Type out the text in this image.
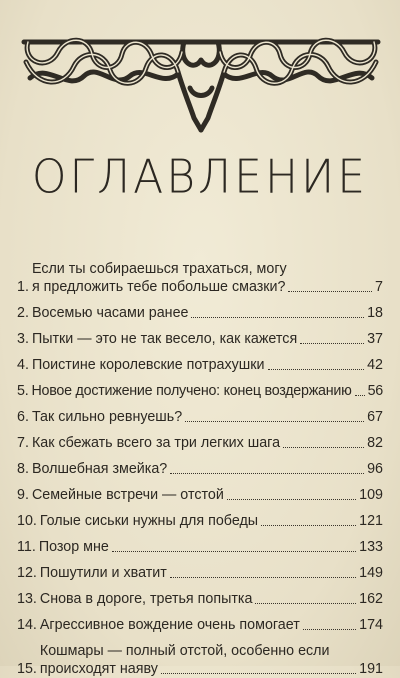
ОГЛАВЛЕНИЕ
1.
Если ты собираешься трахаться, могу
я предложить тебе побольше смазки?	7
2. Восемью часами ранее	18
3. Пытки — это не так весело, как кажется	37
4. Поистине королевские потрахушки	42
5. Новое достижение получено: конец воздержанию 56
6. Так сильно ревнуешь?	67
7. Как сбежать всего за три легких шага	82
8. Волшебная змейка?	96
9. Семейные встречи — отстой	109
10. Голые сиськи нужны для победы	121
11. Позор мне	133
12. Пошутили и хватит	149
13. Снова в дороге, третья попытка	162
14. Агрессивное вождение очень помогает	174
15.
Кошмары — полный отстой, особенно если
происходят наяву	191
